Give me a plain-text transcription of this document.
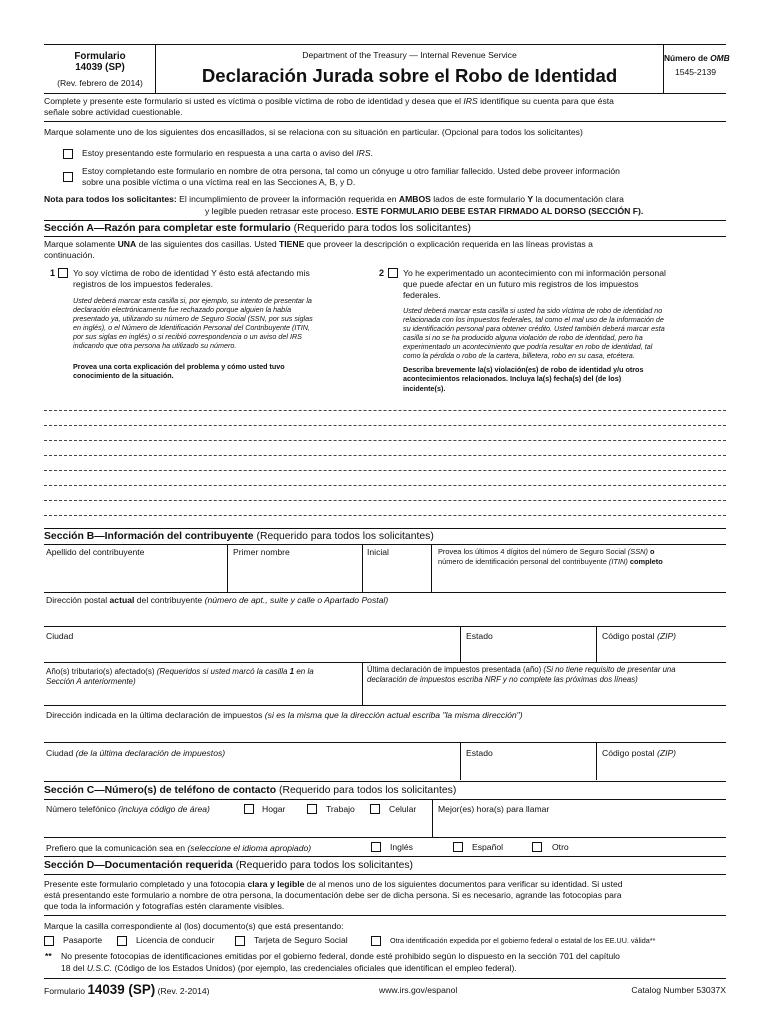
Formulario
14039 (SP)
(Rev. febrero de 2014)
Department of the Treasury — Internal Revenue Service
Declaración Jurada sobre el Robo de Identidad
Número de OMB
1545-2139
Complete y presente este formulario si usted es víctima o posible víctima de robo de identidad y desea que el IRS identifique su cuenta para que ésta
señale sobre actividad cuestionable.
Marque solamente uno de los siguientes dos encasillados, si se relaciona con su situación en particular. (Opcional para todos los solicitantes)
Estoy presentando este formulario en respuesta a una carta o aviso del IRS.
Estoy completando este formulario en nombre de otra persona, tal como un cónyuge u otro familiar fallecido. Usted debe proveer información
sobre una posible víctima o una víctima real en las Secciones A, B, y D.
Nota para todos los solicitantes: El incumplimiento de proveer la información requerida en AMBOS lados de este formulario Y la documentación clara
y legible pueden retrasar este proceso. ESTE FORMULARIO DEBE ESTAR FIRMADO AL DORSO (SECCIÓN F).
Sección A—Razón para completar este formulario (Requerido para todos los solicitantes)
Marque solamente UNA de las siguientes dos casillas. Usted TIENE que proveer la descripción o explicación requerida en las líneas provistas a
continuación.
1 Yo soy víctima de robo de identidad Y ésto está afectando mis
registros de los impuestos federales.
Usted deberá marcar esta casilla si, por ejemplo, su intento de presentar la
declaración electrónicamente fue rechazado porque alguien la había
presentado ya, utilizando su número de Seguro Social (SSN, por sus siglas
en inglés), o el Número de Identificación Personal del Contribuyente (ITIN,
por sus siglas en inglés) o si recibió correspondencia o un aviso del IRS
indicando que otra persona ha utilizado su número.
Provea una corta explicación del problema y cómo usted tuvo
conocimiento de la situación.
2 Yo he experimentado un acontecimiento con mi información personal
que puede afectar en un futuro mis registros de los impuestos
federales.
Usted deberá marcar esta casilla si usted ha sido víctima de robo de identidad no
relacionada con los impuestos federales, tal como el mal uso de la información de
su identificación personal para obtener crédito. Usted también deberá marcar esta
casilla si no se ha producido alguna violación de robo de identidad, pero ha
experimentado un acontecimiento que podría resultar en robo de identidad, tal
como la pérdida o robo de la cartera, billetera, robo en su casa, etcétera.
Describa brevemente la(s) violación(es) de robo de identidad y/u otros
acontecimientos relacionados. Incluya la(s) fecha(s) del (de los)
incidente(s).
Sección B—Información del contribuyente (Requerido para todos los solicitantes)
Apellido del contribuyente	Primer nombre	Inicial	Provea los últimos 4 dígitos del número de Seguro Social (SSN) o
número de identificación personal del contribuyente (ITIN) completo
Dirección postal actual del contribuyente (número de apt., suite y calle o Apartado Postal)
Ciudad	Estado	Código postal (ZIP)
Año(s) tributario(s) afectado(s) (Requeridos si usted marcó la casilla 1 en la
Sección A anteriormente)
Última declaración de impuestos presentada (año) (Si no tiene requisito de presentar una
declaración de impuestos escriba NRF y no complete las próximas dos líneas)
Dirección indicada en la última declaración de impuestos (si es la misma que la dirección actual escriba "la misma dirección")
Ciudad (de la última declaración de impuestos)	Estado	Código postal (ZIP)
Sección C—Número(s) de teléfono de contacto (Requerido para todos los solicitantes)
Número telefónico (incluya código de área)	Hogar	Trabajo	Celular	Mejor(es) hora(s) para llamar
Prefiero que la comunicación sea en (seleccione el idioma apropiado)	Inglés	Español	Otro
Sección D—Documentación requerida (Requerido para todos los solicitantes)
Presente este formulario completado y una fotocopia clara y legible de al menos uno de los siguientes documentos para verificar su identidad. Si usted
está presentando este formulario a nombre de otra persona, la documentación debe ser de dicha persona. Si es necesario, agrande las fotocopias para
que toda la información y fotografías estén claramente visibles.
Marque la casilla correspondiente al (los) documento(s) que está presentando:
Pasaporte	Licencia de conducir	Tarjeta de Seguro Social	Otra identificación expedida por el gobierno federal o estatal de los EE.UU. válida**
** No presente fotocopias de identificaciones emitidas por el gobierno federal, donde esté prohibido según lo dispuesto en la sección 701 del capítulo
18 del U.S.C. (Código de los Estados Unidos) (por ejemplo, las credenciales oficiales que identifican el empleo federal).
Formulario 14039 (SP) (Rev. 2-2014)	www.irs.gov/espanol	Catalog Number 53037X
